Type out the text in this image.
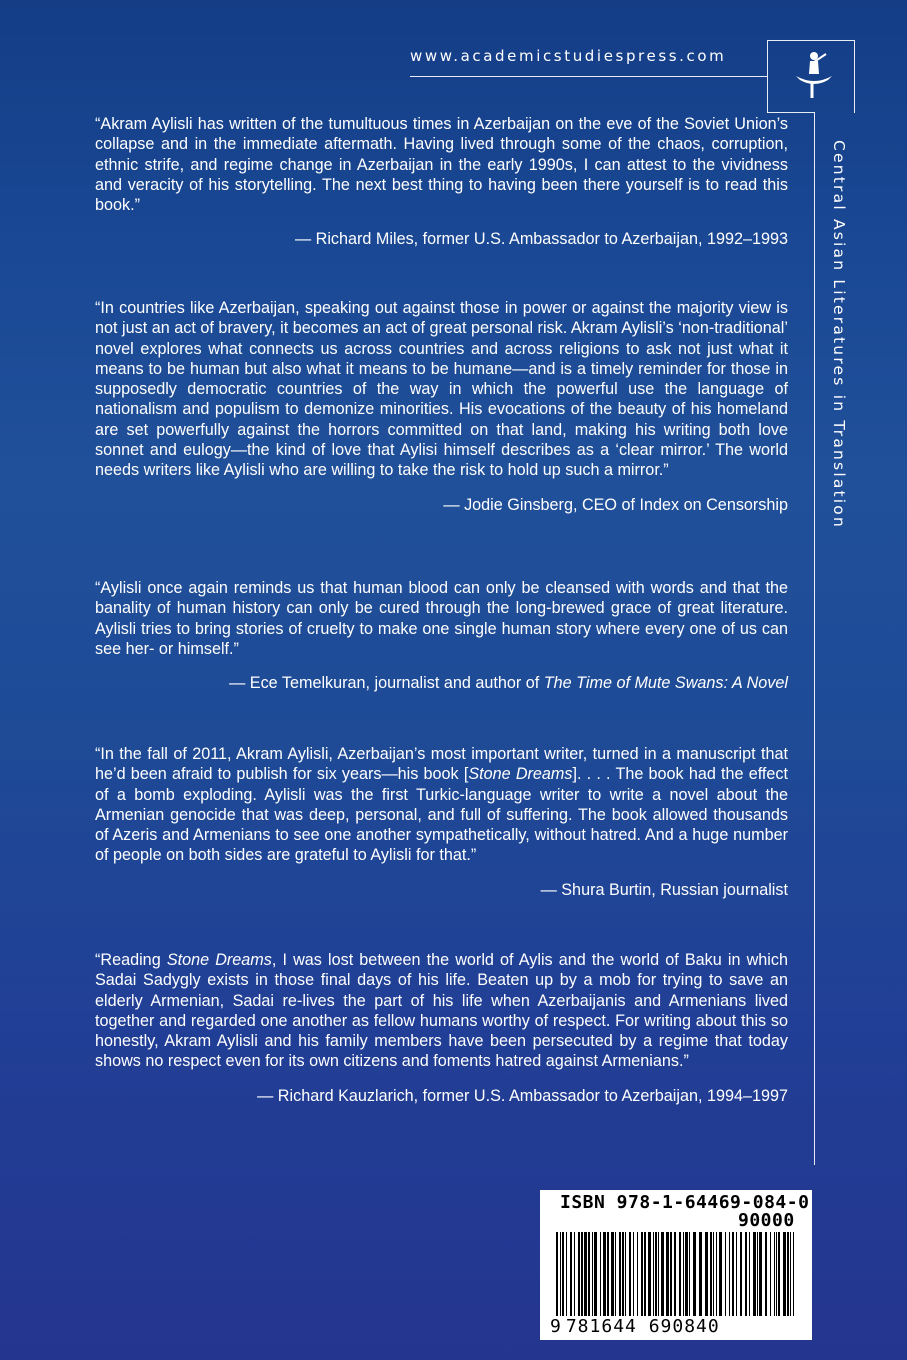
www.academicstudiespress.com
Central Asian Literatures in Translation

“Akram Aylisli has written of the tumultuous times in Azerbaijan on the eve of the Soviet Union’s collapse and in the immediate aftermath. Having lived through some of the chaos, corruption, ethnic strife, and regime change in Azerbaijan in the early 1990s, I can attest to the vividness and veracity of his storytelling. The next best thing to having been there yourself is to read this book.”

— Richard Miles, former U.S. Ambassador to Azerbaijan, 1992–1993

“In countries like Azerbaijan, speaking out against those in power or against the majority view is not just an act of bravery, it becomes an act of great personal risk. Akram Aylisli’s ‘non-traditional’ novel explores what connects us across countries and across religions to ask not just what it means to be human but also what it means to be humane—and is a timely reminder for those in supposedly democratic countries of the way in which the powerful use the language of nationalism and populism to demonize minorities. His evocations of the beauty of his homeland are set powerfully against the horrors committed on that land, making his writing both love sonnet and eulogy—the kind of love that Aylisi himself describes as a ‘clear mirror.’ The world needs writers like Aylisli who are willing to take the risk to hold up such a mirror.”

— Jodie Ginsberg, CEO of Index on Censorship

“Aylisli once again reminds us that human blood can only be cleansed with words and that the banality of human history can only be cured through the long-brewed grace of great literature. Aylisli tries to bring stories of cruelty to make one single human story where every one of us can see her- or himself.”

— Ece Temelkuran, journalist and author of The Time of Mute Swans: A Novel

“In the fall of 2011, Akram Aylisli, Azerbaijan’s most important writer, turned in a manuscript that he’d been afraid to publish for six years—his book [Stone Dreams]. . . . The book had the effect of a bomb exploding. Aylisli was the first Turkic-language writer to write a novel about the Armenian genocide that was deep, personal, and full of suffering. The book allowed thousands of Azeris and Armenians to see one another sympathetically, without hatred. And a huge number of people on both sides are grateful to Aylisli for that.”

— Shura Burtin, Russian journalist

“Reading Stone Dreams, I was lost between the world of Aylis and the world of Baku in which Sadai Sadygly exists in those final days of his life. Beaten up by a mob for trying to save an elderly Armenian, Sadai re-lives the part of his life when Azerbaijanis and Armenians lived together and regarded one another as fellow humans worthy of respect. For writing about this so honestly, Akram Aylisli and his family members have been persecuted by a regime that today shows no respect even for its own citizens and foments hatred against Armenians.”

— Richard Kauzlarich, former U.S. Ambassador to Azerbaijan, 1994–1997

ISBN 978-1-64469-084-0
90000
9 781644 690840
